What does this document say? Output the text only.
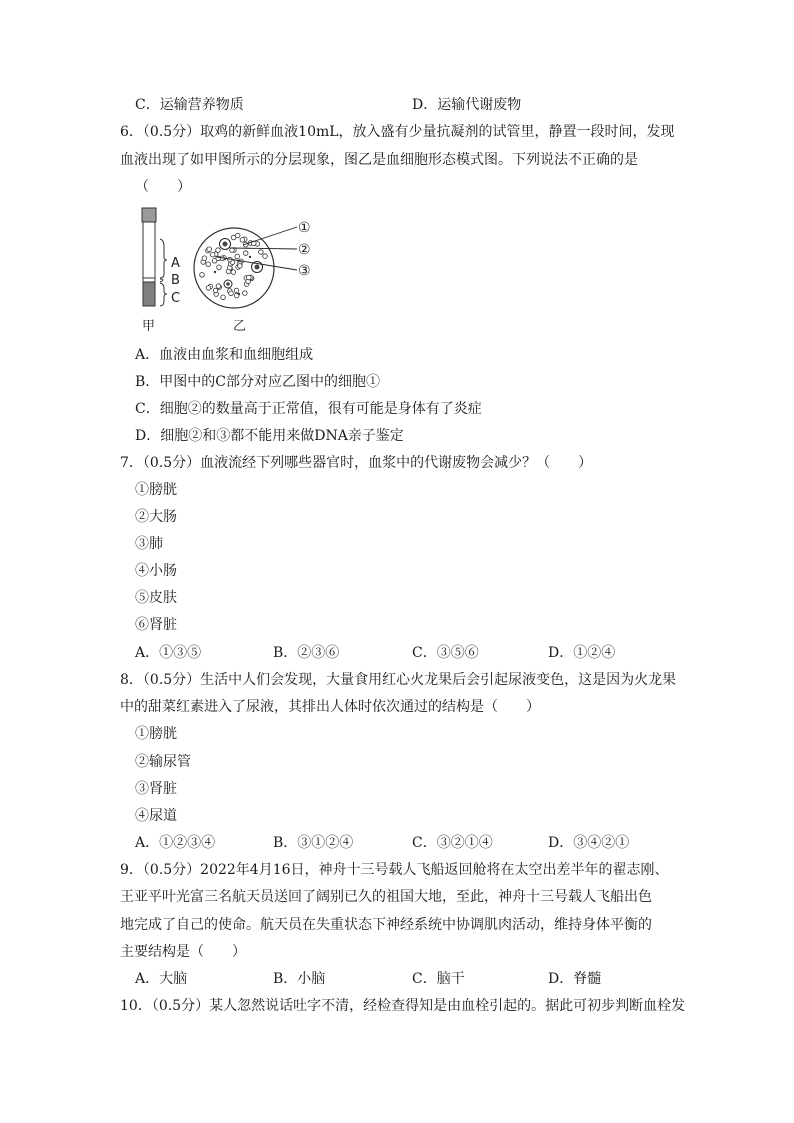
C．运输营养物质	D．运输代谢废物
6．（0.5分）取鸡的新鲜血液10mL，放入盛有少量抗凝剂的试管里，静置一段时间，发现
血液出现了如甲图所示的分层现象，图乙是血细胞形态模式图。下列说法不正确的是
（　　）
A
B
C
甲
①
②
③
乙
A．血液由血浆和血细胞组成
B．甲图中的C部分对应乙图中的细胞①
C．细胞②的数量高于正常值，很有可能是身体有了炎症
D．细胞②和③都不能用来做DNA亲子鉴定
7．（0.5分）血液流经下列哪些器官时，血浆中的代谢废物会减少？（　　）
①膀胱
②大肠
③肺
④小肠
⑤皮肤
⑥肾脏
A．①③⑤	B．②③⑥	C．③⑤⑥	D．①②④
8．（0.5分）生活中人们会发现，大量食用红心火龙果后会引起尿液变色，这是因为火龙果
中的甜菜红素进入了尿液，其排出人体时依次通过的结构是（　　）
①膀胱
②输尿管
③肾脏
④尿道
A．①②③④	B．③①②④	C．③②①④	D．③④②①
9．（0.5分）2022年4月16日，神舟十三号载人飞船返回舱将在太空出差半年的翟志刚、
王亚平叶光富三名航天员送回了阔别已久的祖国大地，至此，神舟十三号载人飞船出色
地完成了自己的使命。航天员在失重状态下神经系统中协调肌肉活动，维持身体平衡的
主要结构是（　　）
A．大脑	B．小脑	C．脑干	D．脊髓
10．（0.5分）某人忽然说话吐字不清，经检查得知是由血栓引起的。据此可初步判断血栓发
